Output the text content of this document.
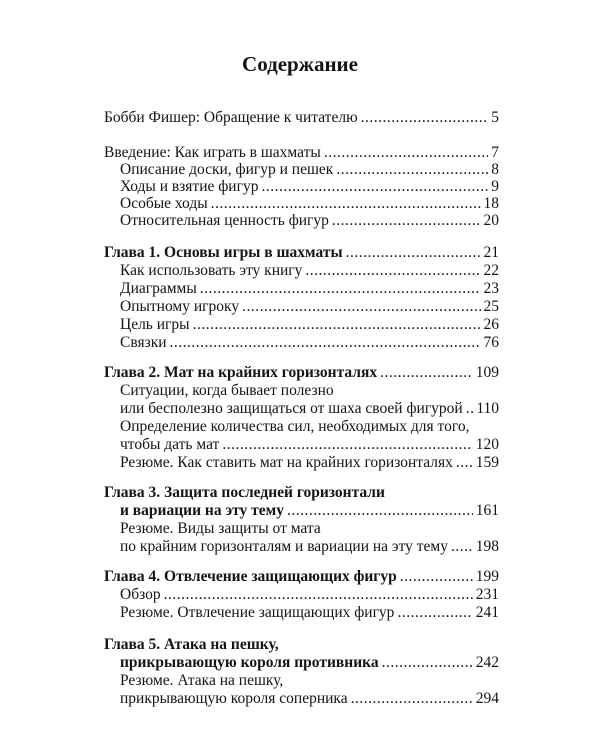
Содержание
Бобби Фишер: Обращение к читателю .....	5
Введение: Как играть в шахматы .....	7
Описание доски, фигур и пешек .....	8
Ходы и взятие фигур .....	9
Особые ходы .....	18
Относительная ценность фигур .....	20
Глава 1. Основы игры в шахматы .....	21
Как использовать эту книгу .....	22
Диаграммы .....	23
Опытному игроку .....	25
Цель игры .....	26
Связки .....	76
Глава 2. Мат на крайних горизонталях .....	109
Ситуации, когда бывает полезно
или бесполезно защищаться от шаха своей фигурой ..... 110
Определение количества сил, необходимых для того,
чтобы дать мат .....	120
Резюме. Как ставить мат на крайних горизонталях ..... 159
Глава 3. Защита последней горизонтали
и вариации на эту тему .....	161
Резюме. Виды защиты от мата
по крайним горизонталям и вариации на эту тему ..... 198
Глава 4. Отвлечение защищающих фигур .....	199
Обзор .....	231
Резюме. Отвлечение защищающих фигур .....	241
Глава 5. Атака на пешку,
прикрывающую короля противника .....	242
Резюме. Атака на пешку,
прикрывающую короля соперника .....	294
